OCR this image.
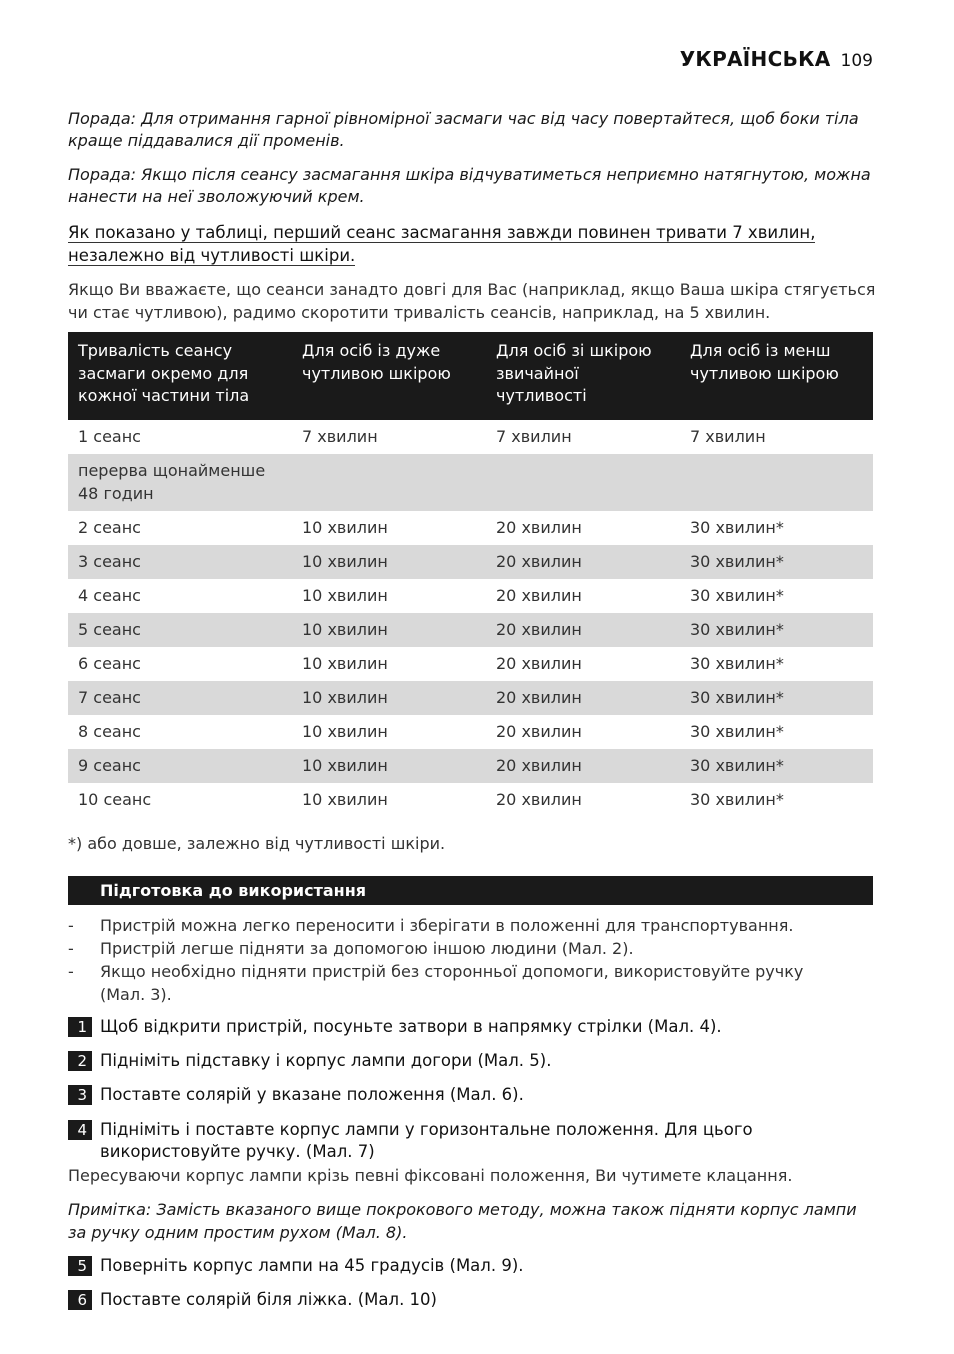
УКРАЇНСЬКА 109

Порада: Для отримання гарної рівномірної засмаги час від часу повертайтеся, щоб боки тіла краще піддавалися дії променів.

Порада: Якщо після сеансу засмагання шкіра відчуватиметься неприємно натягнутою, можна нанести на неї зволожуючий крем.

Як показано у таблиці, перший сеанс засмагання завжди повинен тривати 7 хвилин, незалежно від чутливості шкіри.

Якщо Ви вважаєте, що сеанси занадто довгі для Вас (наприклад, якщо Ваша шкіра стягується чи стає чутливою), радимо скоротити тривалість сеансів, наприклад, на 5 хвилин.

Тривалість сеансу засмаги окремо для кожної частини тіла	Для осіб із дуже чутливою шкірою	Для осіб зі шкірою звичайної чутливості	Для осіб із менш чутливою шкірою
1 сеанс	7 хвилин	7 хвилин	7 хвилин
перерва щонайменше 48 годин			
2 сеанс	10 хвилин	20 хвилин	30 хвилин*
3 сеанс	10 хвилин	20 хвилин	30 хвилин*
4 сеанс	10 хвилин	20 хвилин	30 хвилин*
5 сеанс	10 хвилин	20 хвилин	30 хвилин*
6 сеанс	10 хвилин	20 хвилин	30 хвилин*
7 сеанс	10 хвилин	20 хвилин	30 хвилин*
8 сеанс	10 хвилин	20 хвилин	30 хвилин*
9 сеанс	10 хвилин	20 хвилин	30 хвилин*
10 сеанс	10 хвилин	20 хвилин	30 хвилин*

*) або довше, залежно від чутливості шкіри.

Підготовка до використання
- Пристрій можна легко переносити і зберігати в положенні для транспортування.
- Пристрій легше підняти за допомогою іншою людини (Мал. 2).
- Якщо необхідно підняти пристрій без сторонньої допомоги, використовуйте ручку (Мал. 3).
1 Щоб відкрити пристрій, посуньте затвори в напрямку стрілки (Мал. 4).
2 Підніміть підставку і корпус лампи догори (Мал. 5).
3 Поставте солярій у вказане положення (Мал. 6).
4 Підніміть і поставте корпус лампи у горизонтальне положення. Для цього використовуйте ручку. (Мал. 7)

Пересуваючи корпус лампи крізь певні фіксовані положення, Ви чутимете клацання.

Примітка: Замість вказаного вище покрокового методу, можна також підняти корпус лампи за ручку одним простим рухом (Мал. 8).

5 Поверніть корпус лампи на 45 градусів (Мал. 9).
6 Поставте солярій біля ліжка. (Мал. 10)
